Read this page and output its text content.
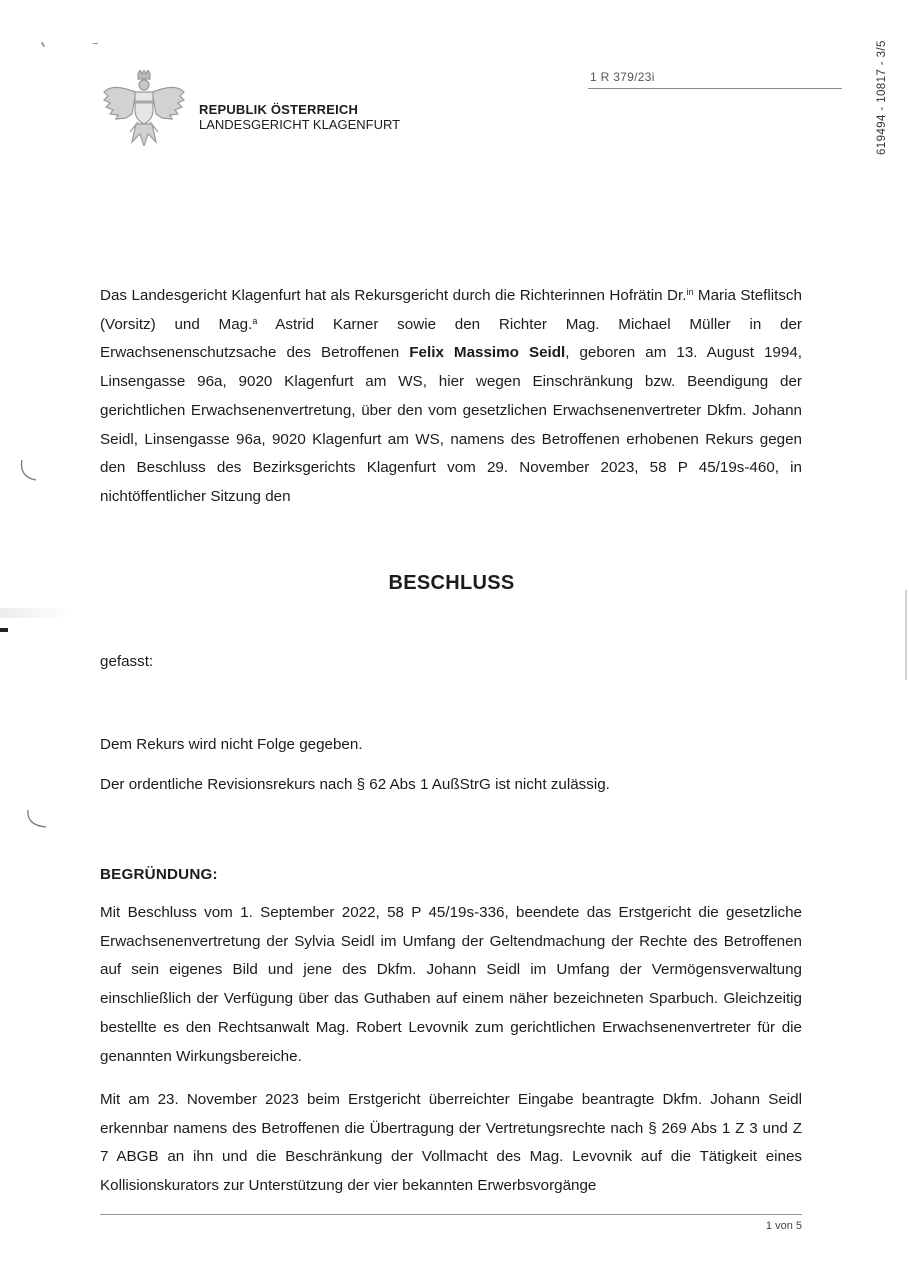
REPUBLIK ÖSTERREICH
LANDESGERICHT KLAGENFURT
1 R 379/23i	619494 - 10817 - 3/5

Das Landesgericht Klagenfurt hat als Rekursgericht durch die Richterinnen Hofrätin Dr.$^{in}$ Maria Steflitsch (Vorsitz) und Mag.$^a$ Astrid Karner sowie den Richter Mag. Michael Müller in der Erwachsenenschutzsache des Betroffenen Felix Massimo Seidl, geboren am 13. August 1994, Linsengasse 96a, 9020 Klagenfurt am WS, hier wegen Einschränkung bzw. Beendigung der gerichtlichen Erwachsenenvertretung, über den vom gesetzlichen Erwachsenenvertreter Dkfm. Johann Seidl, Linsengasse 96a, 9020 Klagenfurt am WS, namens des Betroffenen erhobenen Rekurs gegen den Beschluss des Bezirksgerichts Klagenfurt vom 29. November 2023, 58 P 45/19s-460, in nichtöffentlicher Sitzung den

BESCHLUSS
gefasst:
Dem Rekurs wird nicht Folge gegeben.
Der ordentliche Revisionsrekurs nach § 62 Abs 1 AußStrG ist nicht zulässig.
BEGRÜNDUNG:

Mit Beschluss vom 1. September 2022, 58 P 45/19s-336, beendete das Erstgericht die gesetzliche Erwachsenenvertretung der Sylvia Seidl im Umfang der Geltendmachung der Rechte des Betroffenen auf sein eigenes Bild und jene des Dkfm. Johann Seidl im Umfang der Vermögensverwaltung einschließlich der Verfügung über das Guthaben auf einem näher bezeichneten Sparbuch. Gleichzeitig bestellte es den Rechtsanwalt Mag. Robert Levovnik zum gerichtlichen Erwachsenenvertreter für die genannten Wirkungsbereiche.

Mit am 23. November 2023 beim Erstgericht überreichter Eingabe beantragte Dkfm. Johann Seidl erkennbar namens des Betroffenen die Übertragung der Vertretungsrechte nach § 269 Abs 1 Z 3 und Z 7 ABGB an ihn und die Beschränkung der Vollmacht des Mag. Levovnik auf die Tätigkeit eines Kollisionskurators zur Unterstützung der vier bekannten Erwerbsvorgänge

1 von 5
